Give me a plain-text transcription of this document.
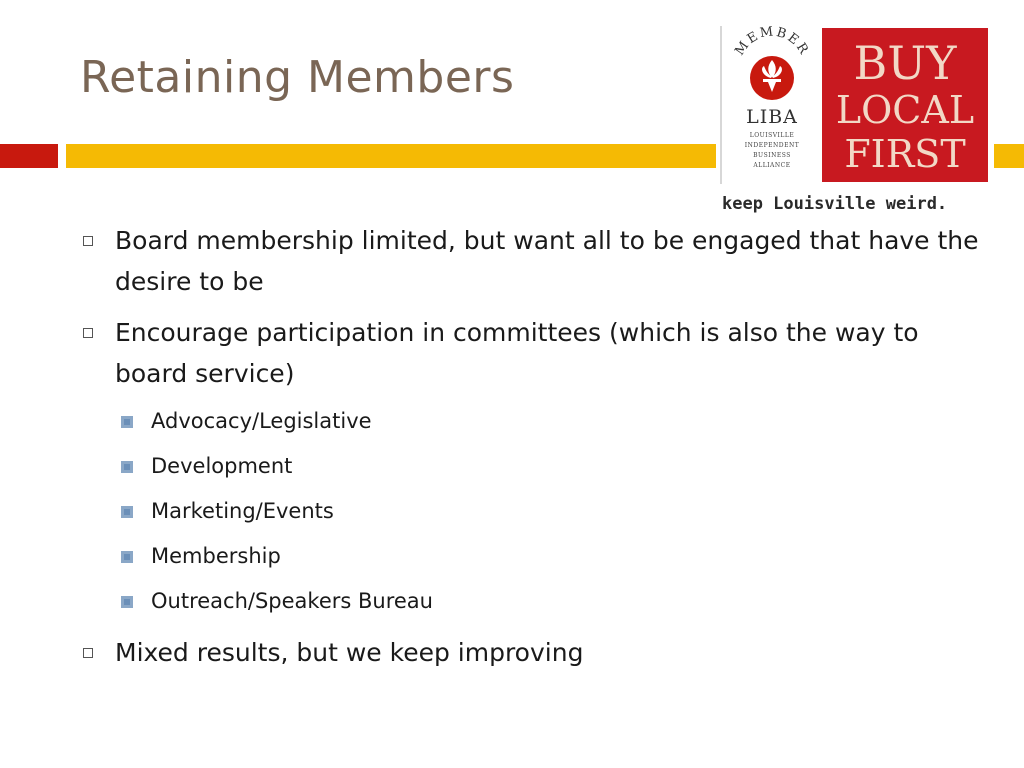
Retaining Members
MEMBER
LIBA
LOUISVILLE
INDEPENDENT
BUSINESS
ALLIANCE
BUY
LOCAL
FIRST
keep Louisville weird.
Board membership limited, but want all to be engaged that have the desire to be
Encourage participation in committees (which is also the way to board service)
Advocacy/Legislative
Development
Marketing/Events
Membership
Outreach/Speakers Bureau
Mixed results, but we keep improving
